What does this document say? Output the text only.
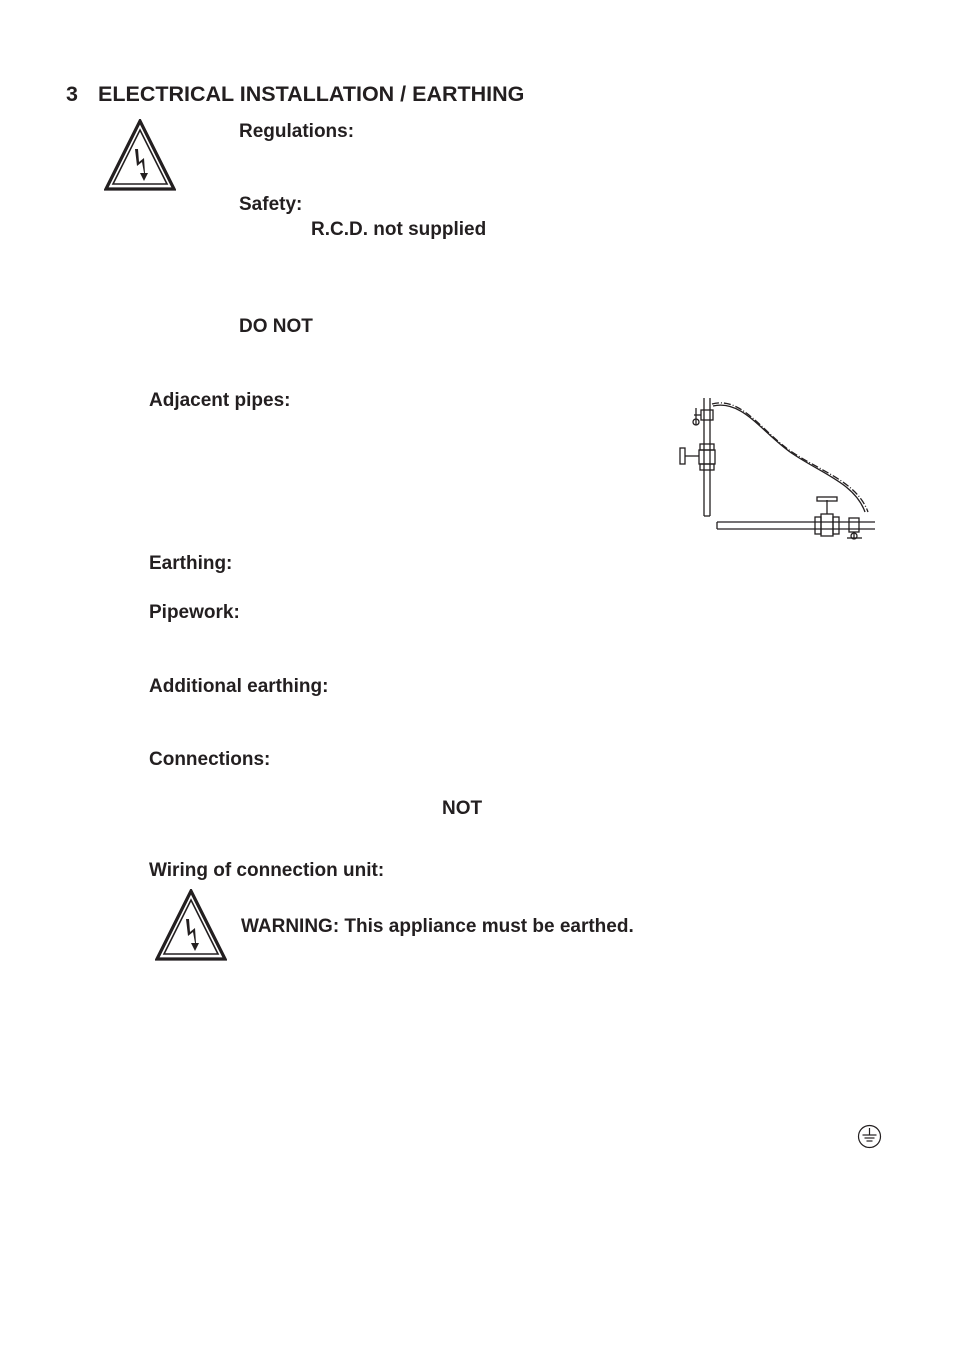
3 ELECTRICAL INSTALLATION / EARTHING
Regulations:
Safety:
R.C.D. not supplied
DO NOT
Adjacent pipes:
Earthing:
Pipework:
Additional earthing:
Connections:
NOT
Wiring of connection unit:
WARNING: This appliance must be earthed.
